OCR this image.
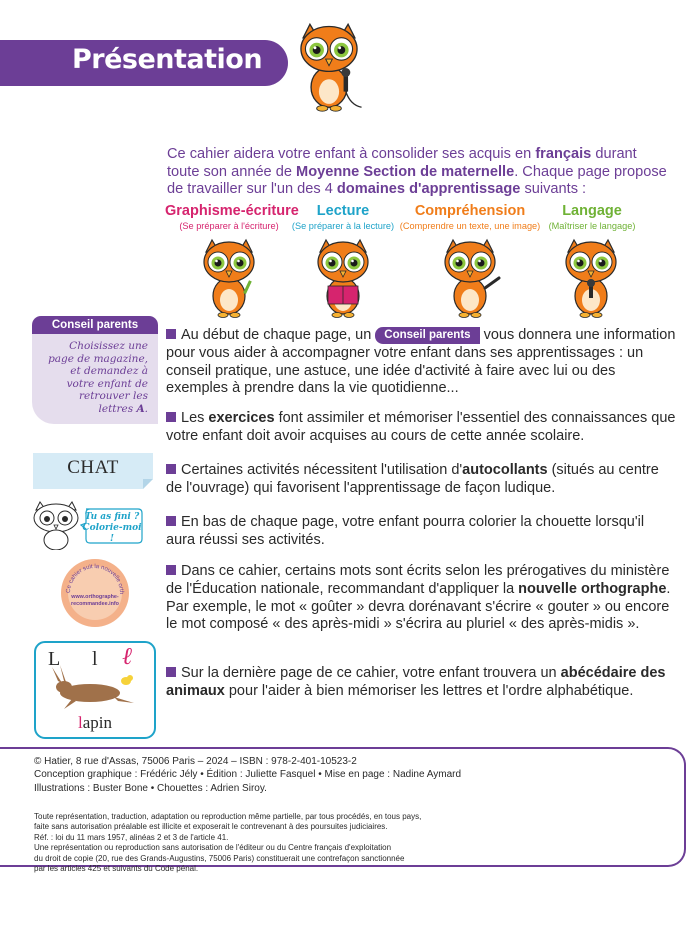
Présentation

Ce cahier aidera votre enfant à consolider ses acquis en français durant toute son année de Moyenne Section de maternelle. Chaque page propose de travailler sur l'un des 4 domaines d'apprentissage suivants :

Graphisme-écriture
(Se préparer à l'écriture)
Lecture
(Se préparer à la lecture)
Compréhension
(Comprendre un texte, une image)
Langage
(Maîtriser le langage)
Conseil parents

Choisissez une page de magazine, et demandez à votre enfant de retrouver les lettres A.

CHAT
Tu as fini ?
Colorie-moi !
Ce cahier suit la nouvelle orth
www.orthographe-
recommandee.info
L l ℓ
lapin

Au début de chaque page, un Conseil parents vous donnera une information pour vous aider à accompagner votre enfant dans ses apprentissages : un conseil pratique, une astuce, une idée d'activité à faire avec lui ou des exemples à prendre dans la vie quotidienne...

Les exercices font assimiler et mémoriser l'essentiel des connaissances que votre enfant doit avoir acquises au cours de cette année scolaire.

Certaines activités nécessitent l'utilisation d'autocollants (situés au centre de l'ouvrage) qui favorisent l'apprentissage de façon ludique.

En bas de chaque page, votre enfant pourra colorier la chouette lorsqu'il aura réussi ses activités.

Dans ce cahier, certains mots sont écrits selon les prérogatives du ministère de l'Éducation nationale, recommandant d'appliquer la nouvelle orthographe. Par exemple, le mot « goûter » devra dorénavant s'écrire « gouter » ou encore le mot composé « des après-midi » s'écrira au pluriel « des après-midis ».

Sur la dernière page de ce cahier, votre enfant trouvera un abécédaire des animaux pour l'aider à bien mémoriser les lettres et l'ordre alphabétique.

© Hatier, 8 rue d'Assas, 75006 Paris – 2024 – ISBN : 978-2-401-10523-2
Conception graphique : Frédéric Jély • Édition : Juliette Fasquel • Mise en page : Nadine Aymard
Illustrations : Buster Bone • Chouettes : Adrien Siroy.
Toute représentation, traduction, adaptation ou reproduction même partielle, par tous procédés, en tous pays,
faite sans autorisation préalable est illicite et exposerait le contrevenant à des poursuites judiciaires.
Réf. : loi du 11 mars 1957, alinéas 2 et 3 de l'article 41.
Une représentation ou reproduction sans autorisation de l'éditeur ou du Centre français d'exploitation
du droit de copie (20, rue des Grands-Augustins, 75006 Paris) constituerait une contrefaçon sanctionnée
par les articles 425 et suivants du Code pénal.
